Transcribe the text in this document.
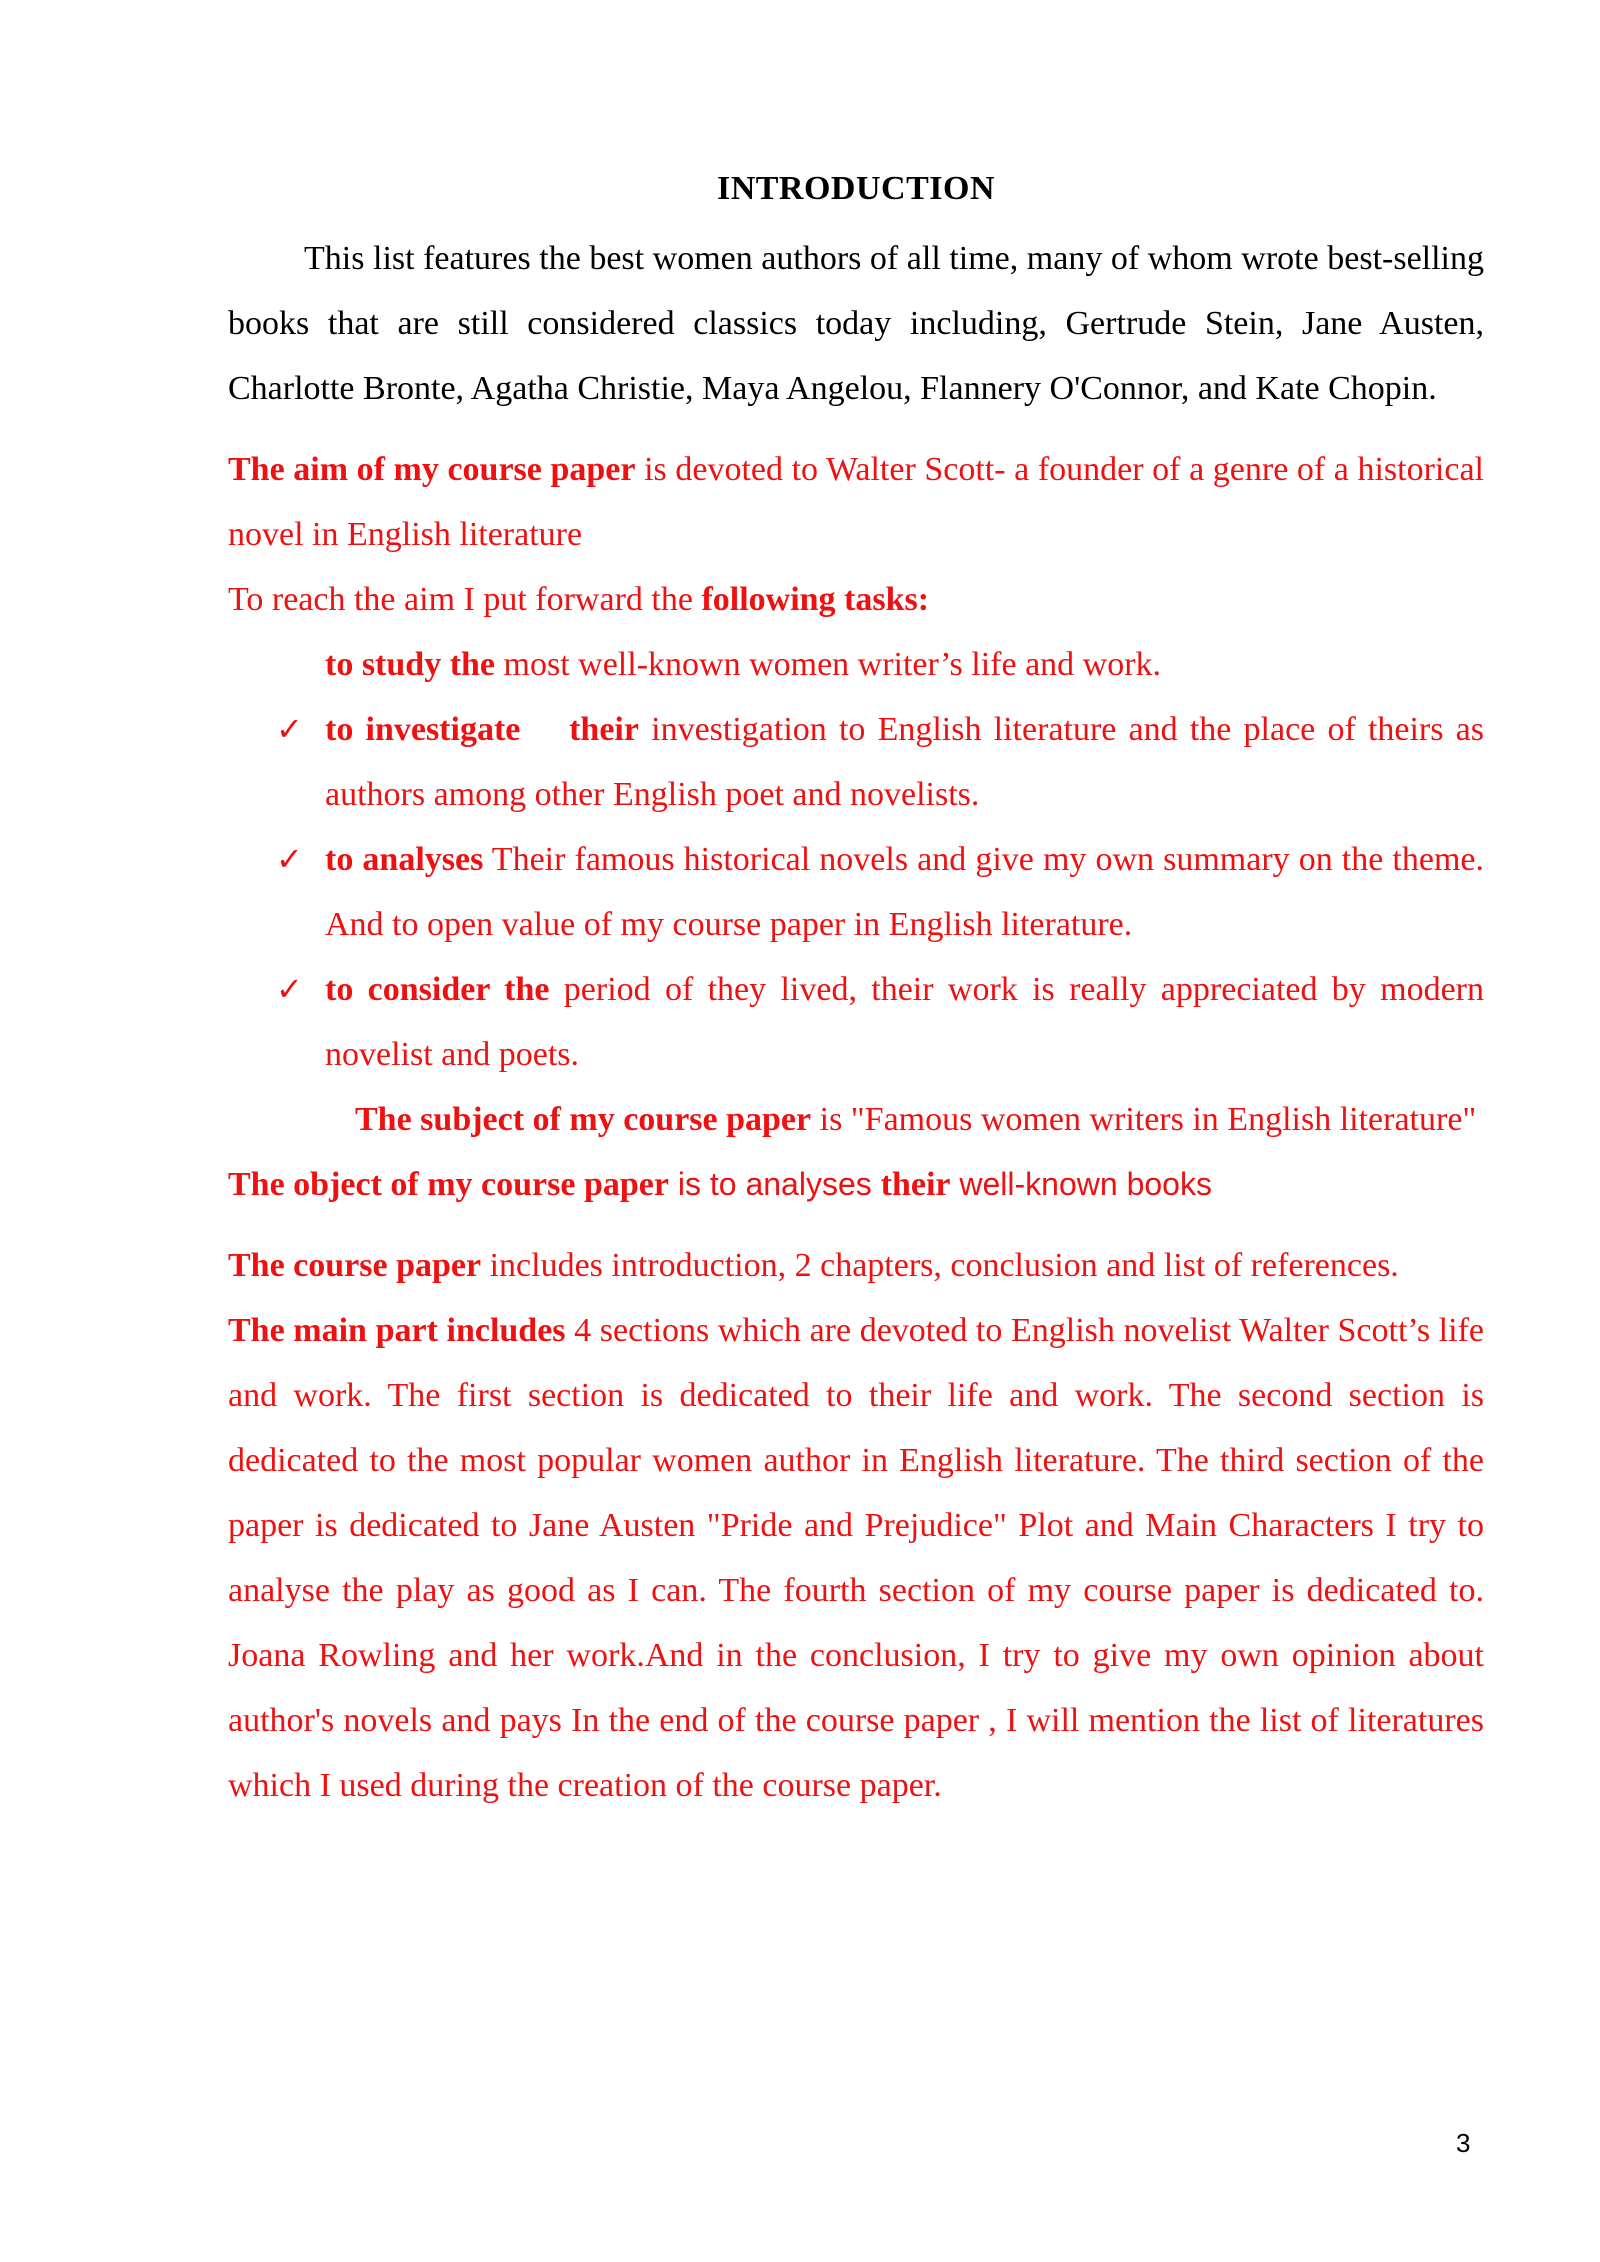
INTRODUCTION

This list features the best women authors of all time, many of whom wrote best-selling books that are still considered classics today including, Gertrude Stein, Jane Austen, Charlotte Bronte, Agatha Christie, Maya Angelou, Flannery O'Connor, and Kate Chopin.

The aim of my course paper is devoted to Walter Scott- a founder of a genre of a historical novel in English literature

To reach the aim I put forward the following tasks:

to study the most well-known women writer’s life and work.
✓ to investigate    their investigation to English literature and the place of theirs as authors among other English poet and novelists.
✓ to analyses Their famous historical novels and give my own summary on the theme. And to open value of my course paper in English literature.
✓ to consider the period of they lived, their work is really appreciated by modern novelist and poets.

The subject of my course paper is "Famous women writers in English literature"

The object of my course paper is to analyses their well-known books

The course paper includes introduction, 2 chapters, conclusion and list of references.

The main part includes 4 sections which are devoted to English novelist Walter Scott’s life and work. The first section is dedicated to their life and work. The second section is dedicated to the most popular women author in English literature. The third section of the paper is dedicated to Jane Austen "Pride and Prejudice" Plot and Main Characters I try to analyse the play as good as I can. The fourth section of my course paper is dedicated to. Joana Rowling and her work.And in the conclusion, I try to give my own opinion about author's novels and pays In the end of the course paper , I will mention the list of literatures which I used during the creation of the course paper.

3
